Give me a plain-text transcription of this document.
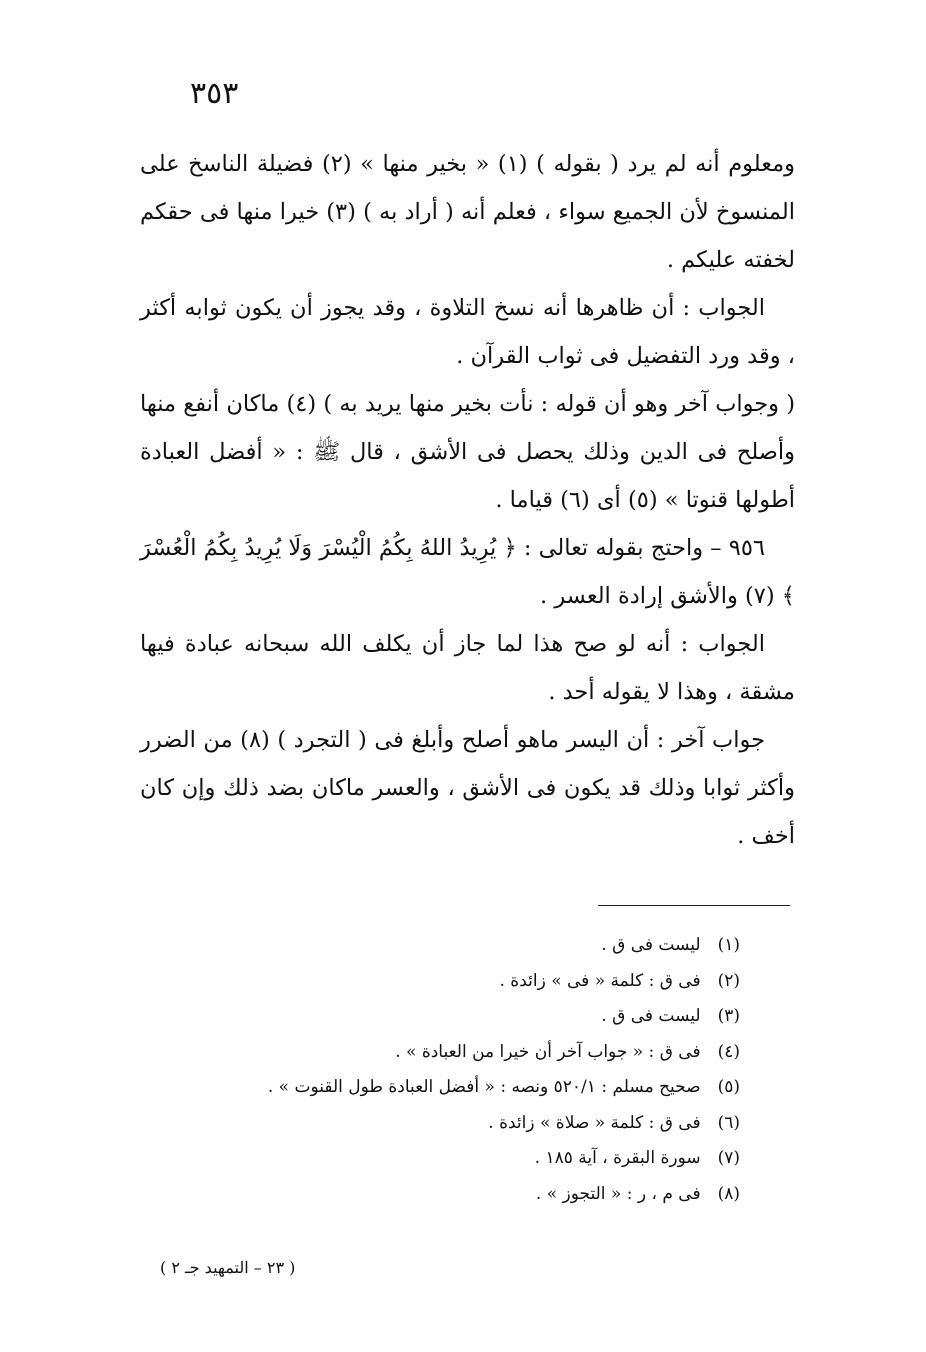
٣٥٣

ومعلوم أنه لم يرد ( بقوله ) (١) « بخير منها » (٢) فضيلة الناسخ على المنسوخ لأن الجميع سواء ، فعلم أنه ( أراد به ) (٣) خيرا منها فى حقكم لخفته عليكم .

الجواب : أن ظاهرها أنه نسخ التلاوة ، وقد يجوز أن يكون ثوابه أكثر ، وقد ورد التفضيل فى ثواب القرآن .

( وجواب آخر وهو أن قوله : نأت بخير منها يريد به ) (٤) ماكان أنفع منها وأصلح فى الدين وذلك يحصل فى الأشق ، قال ﷺ : « أفضل العبادة أطولها قنوتا » (٥) أى (٦) قياما .

٩٥٦ – واحتج بقوله تعالى : ﴿ يُرِيدُ اللهُ بِكُمُ الْيُسْرَ وَلَا يُرِيدُ بِكُمُ الْعُسْرَ ﴾ (٧) والأشق إرادة العسر .

الجواب : أنه لو صح هذا لما جاز أن يكلف الله سبحانه عبادة فيها مشقة ، وهذا لا يقوله أحد .

جواب آخر : أن اليسر ماهو أصلح وأبلغ فى ( التجرد ) (٨) من الضرر وأكثر ثوابا وذلك قد يكون فى الأشق ، والعسر ماكان بضد ذلك وإن كان أخف .

(١) ليست فى ق .

(٢) فى ق : كلمة « فى » زائدة .

(٣) ليست فى ق .

(٤) فى ق : « جواب آخر أن خيرا من العبادة » .

(٥) صحيح مسلم : ٥٢٠/١ ونصه : « أفضل العبادة طول القنوت » .

(٦) فى ق : كلمة « صلاة » زائدة .

(٧) سورة البقرة ، آية ١٨٥ .

(٨) فى م ، ر : « التجوز » .

( ٢٣ – التمهيد جـ ٢ )
